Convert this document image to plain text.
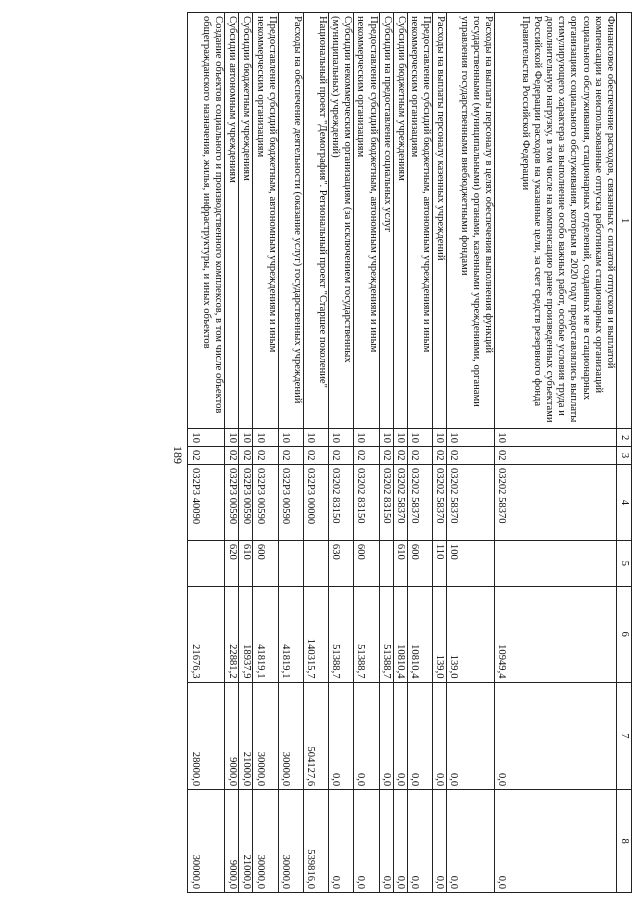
189
1	2	3	4	5	6	7	8
Финансовое обеспечение расходов, связанных с оплатой отпусков и выплатой компенсации за неиспользованные отпуска работникам стационарных организаций социального обслуживания, стационарных отделений, созданных не в стационарных организациях социального обслуживания, которым в 2020 году предоставлялись выплаты стимулирующего характера за выполнение особо важных работ, особые условия труда и дополнительную нагрузку, в том числе на компенсацию ранее произведенных субъектами Российской Федерации расходов на указанные цели, за счет средств резервного фонда Правительства Российской Федерации	10	02	03202 58370		10949,4	0,0	0,0
Расходы на выплаты персоналу в целях обеспечения выполнения функций государственными (муниципальными) органами, казенными учреждениями, органами управления государственными внебюджетными фондами	10	02	03202 58370	100	139,0	0,0	0,0
Расходы на выплаты персоналу казенных учреждений	10	02	03202 58370	110	139,0	0,0	0,0
Предоставление субсидий бюджетным, автономным учреждениям и иным некоммерческим организациям	10	02	03202 58370	600	10810,4	0,0	0,0
Субсидии бюджетным учреждениям	10	02	03202 58370	610	10810,4	0,0	0,0
Субсидии на предоставление социальных услуг	10	02	03202 83150		51388,7	0,0	0,0
Предоставление субсидий бюджетным, автономным учреждениям и иным некоммерческим организациям	10	02	03202 83150	600	51388,7	0,0	0,0
Субсидии некоммерческим организациям (за исключением государственных (муниципальных) учреждений)	10	02	03202 83150	630	51388,7	0,0	0,0
Национальный проект "Демография". Региональный проект "Старшее поколение"	10	02	032P3 00000		140315,7	504127,6	539816,0
Расходы на обеспечение деятельности (оказание услуг) государственных учреждений	10	02	032P3 00590		41819,1	30000,0	30000,0
Предоставление субсидий бюджетным, автономным учреждениям и иным некоммерческим организациям	10	02	032P3 00590	600	41819,1	30000,0	30000,0
Субсидии бюджетным учреждениям	10	02	032P3 00590	610	18937,9	21000,0	21000,0
Субсидии автономным учреждениям	10	02	032P3 00590	620	22881,2	9000,0	9000,0
Создание объектов социального и производственного комплексов, в том числе объектов общегражданского назначения, жилья, инфраструктуры, и иных объектов	10	02	032P3 40090		21676,3	28000,0	30000,0
